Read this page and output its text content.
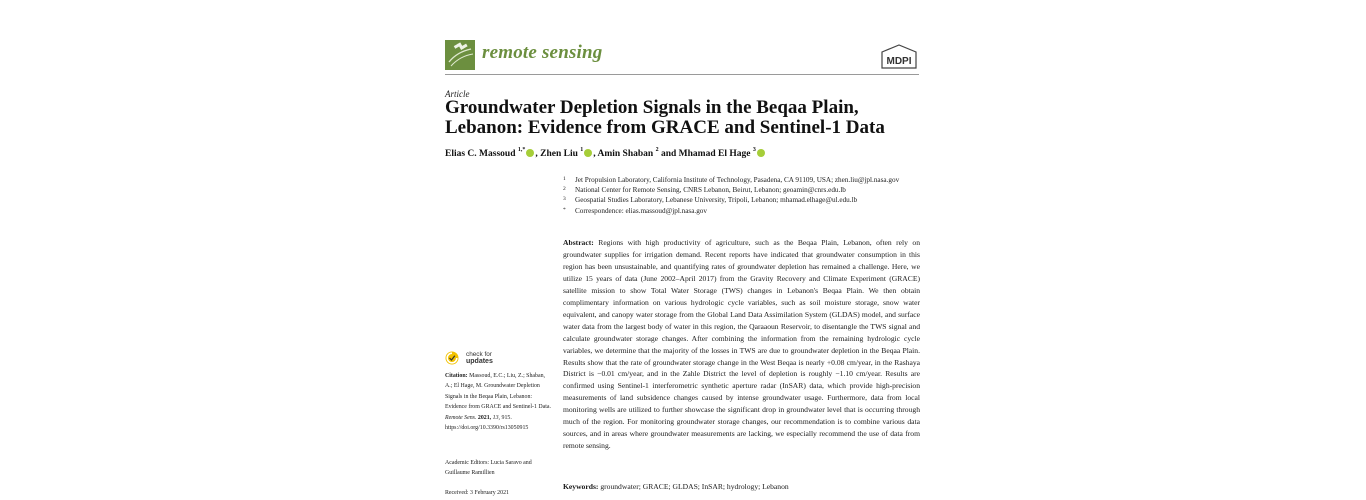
remote sensing	MDPI
Article
Groundwater Depletion Signals in the Beqaa Plain, Lebanon: Evidence from GRACE and Sentinel-1 Data
Elias C. Massoud $^{1,*}$ , Zhen Liu $^1$ , Amin Shaban $^2$ and Mhamad El Hage $^3$
1 Jet Propulsion Laboratory, California Institute of Technology, Pasadena, CA 91109, USA; zhen.liu@jpl.nasa.gov
2 National Center for Remote Sensing, CNRS Lebanon, Beirut, Lebanon; geoamin@cnrs.edu.lb
3 Geospatial Studies Laboratory, Lebanese University, Tripoli, Lebanon; mhamad.elhage@ul.edu.lb
* Correspondence: elias.massoud@jpl.nasa.gov
Abstract: Regions with high productivity of agriculture, such as the Beqaa Plain, Lebanon, often rely on groundwater supplies for irrigation demand. Recent reports have indicated that groundwater consumption in this region has been unsustainable, and quantifying rates of groundwater depletion has remained a challenge. Here, we utilize 15 years of data (June 2002–April 2017) from the Gravity Recovery and Climate Experiment (GRACE) satellite mission to show Total Water Storage (TWS) changes in Lebanon's Beqaa Plain. We then obtain complimentary information on various hydrologic cycle variables, such as soil moisture storage, snow water equivalent, and canopy water storage from the Global Land Data Assimilation System (GLDAS) model, and surface water data from the largest body of water in this region, the Qaraaoun Reservoir, to disentangle the TWS signal and calculate groundwater storage changes. After combining the information from the remaining hydrologic cycle variables, we determine that the majority of the losses in TWS are due to groundwater depletion in the Beqaa Plain. Results show that the rate of groundwater storage change in the West Beqaa is nearly +0.08 cm/year, in the Rashaya District is −0.01 cm/year, and in the Zahle District the level of depletion is roughly −1.10 cm/year. Results are confirmed using Sentinel-1 interferometric synthetic aperture radar (InSAR) data, which provide high-precision measurements of land subsidence changes caused by intense groundwater usage. Furthermore, data from local monitoring wells are utilized to further showcase the significant drop in groundwater level that is occurring through much of the region. For monitoring groundwater storage changes, our recommendation is to combine various data sources, and in areas where groundwater measurements are lacking, we especially recommend the use of data from remote sensing.
Keywords: groundwater; GRACE; GLDAS; InSAR; hydrology; Lebanon
check for
updates
Citation: Massoud, E.C.; Liu, Z.; Shaban, A.; El Hage, M. Groundwater Depletion Signals in the Beqaa Plain, Lebanon: Evidence from GRACE and Sentinel-1 Data. Remote Sens. 2021, 13, 915. https://doi.org/10.3390/rs13050915
Academic Editors: Lucia Saravo and Guillaume Ramillien
Received: 3 February 2021
